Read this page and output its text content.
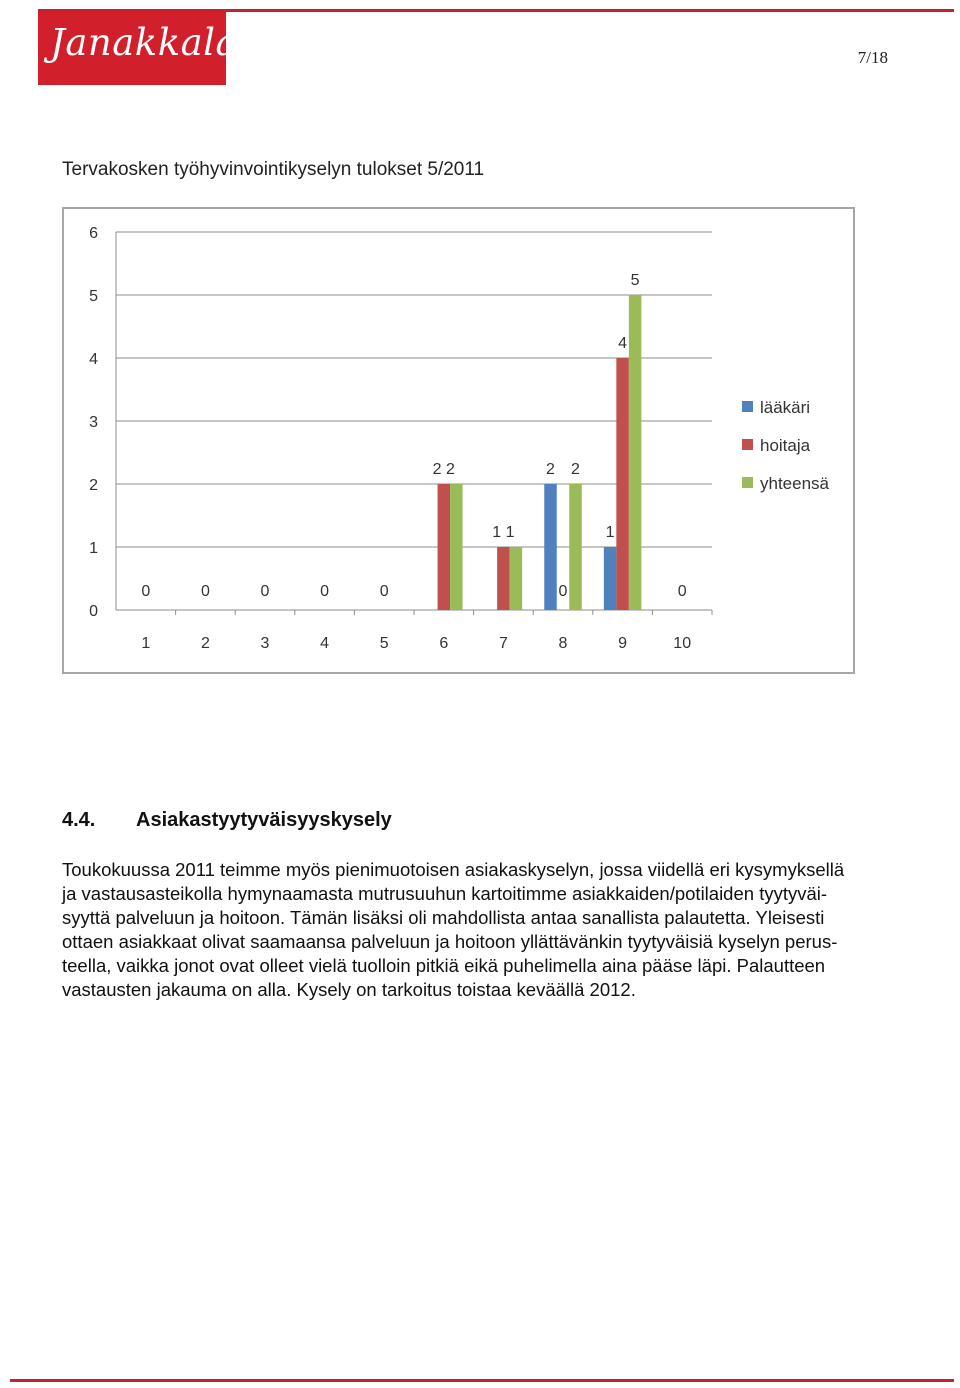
Janakkala	7/18
Tervakosken työhyvinvointikyselyn tulokset 5/2011
0
1
2
3
4
5
6
1	2	3	4	5	6	7	8	9	10
0	0	0	0	0
2 2
1 1
2
0
2
1
4
5
0
lääkäri
hoitaja
yhteensä
4.4. Asiakastyytyväisyyskysely
Toukokuussa 2011 teimme myös pienimuotoisen asiakaskyselyn, jossa viidellä eri kysymyksellä
ja vastausasteikolla hymynaamasta mutrusuuhun kartoitimme asiakkaiden/potilaiden tyytyväi-
syyttä palveluun ja hoitoon. Tämän lisäksi oli mahdollista antaa sanallista palautetta. Yleisesti
ottaen asiakkaat olivat saamaansa palveluun ja hoitoon yllättävänkin tyytyväisiä kyselyn perus-
teella, vaikka jonot ovat olleet vielä tuolloin pitkiä eikä puhelimella aina pääse läpi. Palautteen
vastausten jakauma on alla. Kysely on tarkoitus toistaa keväällä 2012.
